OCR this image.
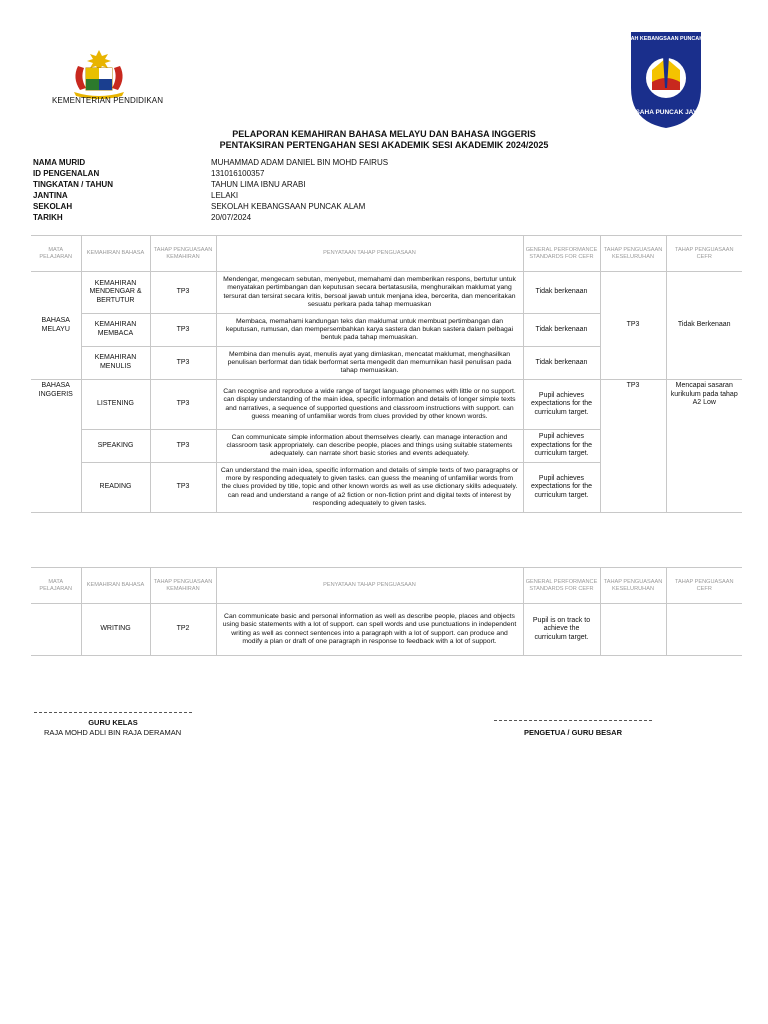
KEMENTERIAN PENDIDIKAN
SEKOLAH KEBANGSAAN PUNCAK ALAM
USAHA PUNCAK JAYA
PELAPORAN KEMAHIRAN BAHASA MELAYU DAN BAHASA INGGERIS
PENTAKSIRAN PERTENGAHAN SESI AKADEMIK SESI AKADEMIK 2024/2025
NAMA MURID	MUHAMMAD ADAM DANIEL BIN MOHD FAIRUS
ID PENGENALAN	131016100357
TINGKATAN / TAHUN	TAHUN LIMA IBNU ARABI
JANTINA	LELAKI
SEKOLAH	SEKOLAH KEBANGSAAN PUNCAK ALAM
TARIKH	20/07/2024
MATA PELAJARAN	KEMAHIRAN BAHASA	TAHAP PENGUASAAN KEMAHIRAN	PENYATAAN TAHAP PENGUASAAN	GENERAL PERFORMANCE STANDARDS FOR CEFR	TAHAP PENGUASAAN KESELURUHAN	TAHAP PENGUASAAN CEFR
BAHASA MELAYU	KEMAHIRAN MENDENGAR & BERTUTUR	TP3	Mendengar, mengecam sebutan, menyebut, memahami dan memberikan respons, bertutur untuk menyatakan pertimbangan dan keputusan secara bertatasusila, menghuraikan maklumat yang tersurat dan tersirat secara kritis, bersoal jawab untuk menjana idea, bercerita, dan menceritakan sesuatu perkara pada tahap memuaskan	Tidak berkenaan	TP3	Tidak Berkenaan
	KEMAHIRAN MEMBACA	TP3	Membaca, memahami kandungan teks dan maklumat untuk membuat pertimbangan dan keputusan, rumusan, dan mempersembahkan karya sastera dan bukan sastera dalam pelbagai bentuk pada tahap memuaskan.	Tidak berkenaan		
	KEMAHIRAN MENULIS	TP3	Membina dan menulis ayat, menulis ayat yang dimlaskan, mencatat maklumat, menghasilkan penulisan berformat dan tidak berformat serta mengedit dan memurnikan hasil penulisan pada tahap memuaskan.	Tidak berkenaan		
BAHASA INGGERIS	LISTENING	TP3	Can recognise and reproduce a wide range of target language phonemes with little or no support. can display understanding of the main idea, specific information and details of longer simple texts and narratives, a sequence of supported questions and classroom instructions with support. can guess meaning of unfamiliar words from clues provided by other known words.	Pupil achieves expectations for the curriculum target.	TP3	Mencapai sasaran kurikulum pada tahap A2 Low
	SPEAKING	TP3	Can communicate simple information about themselves clearly. can manage interaction and classroom task appropriately. can describe people, places and things using suitable statements adequately. can narrate short basic stories and events adequately.	Pupil achieves expectations for the curriculum target.		
	READING	TP3	Can understand the main idea, specific information and details of simple texts of two paragraphs or more by responding adequately to given tasks. can guess the meaning of unfamiliar words from the clues provided by title, topic and other known words as well as use dictionary skills adequately. can read and understand a range of a2 fiction or non-fiction print and digital texts of interest by responding adequately to given tasks.	Pupil achieves expectations for the curriculum target.		
MATA PELAJARAN	KEMAHIRAN BAHASA	TAHAP PENGUASAAN KEMAHIRAN	PENYATAAN TAHAP PENGUASAAN	GENERAL PERFORMANCE STANDARDS FOR CEFR	TAHAP PENGUASAAN KESELURUHAN	TAHAP PENGUASAAN CEFR
	WRITING	TP2	Can communicate basic and personal information as well as describe people, places and objects using basic statements with a lot of support. can spell words and use punctuations in independent writing as well as connect sentences into a paragraph with a lot of support. can produce and modify a plan or draft of one paragraph in response to feedback with a lot of support.	Pupil is on track to achieve the curriculum target.		
GURU KELAS
RAJA MOHD ADLI BIN RAJA DERAMAN	PENGETUA / GURU BESAR
